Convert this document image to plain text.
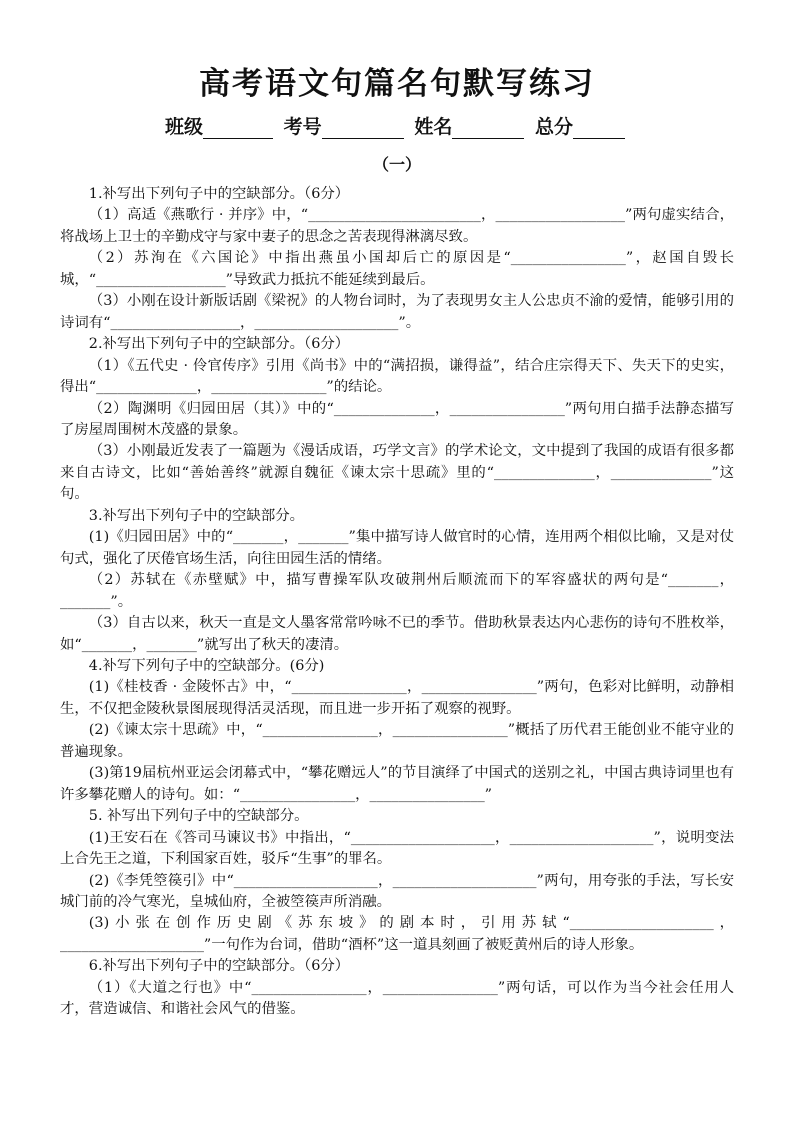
高考语文句篇名句默写练习
班级	考号	姓名	总分
（一）

1.补写出下列句子中的空缺部分。（6分）

（1）高适《燕歌行 · 并序》中，“________________________，__________________”两句虚实结合，将战场上卫士的辛勤戍守与家中妻子的思念之苦表现得淋漓尽致。

（2）苏洵在《六国论》中指出燕虽小国却后亡的原因是“________________”，赵国自毁长城，“__________________”导致武力抵抗不能延续到最后。

（3）小刚在设计新版话剧《梁祝》的人物台词时，为了表现男女主人公忠贞不渝的爱情，能够引用的诗词有“__________________，____________________”。

2.补写出下列句子中的空缺部分。（6分）

（1）《五代史 · 伶官传序》引用《尚书》中的“满招损，谦得益”，结合庄宗得天下、失天下的史实，得出“______________，________________”的结论。

（2）陶渊明《归园田居（其）》中的“______________，________________”两句用白描手法静态描写了房屋周围树木茂盛的景象。

（3）小刚最近发表了一篇题为《漫话成语，巧学文言》的学术论文，文中提到了我国的成语有很多都来自古诗文，比如“善始善终”就源自魏征《谏太宗十思疏》里的“______________，______________”这句。

3.补写出下列句子中的空缺部分。

(1)《归园田居》中的“_______，_______”集中描写诗人做官时的心情，连用两个相似比喻，又是对仗句式，强化了厌倦官场生活，向往田园生活的情绪。

（2）苏轼在《赤壁赋》中，描写曹操军队攻破荆州后顺流而下的军容盛状的两句是“_______，_______”。

（3）自古以来，秋天一直是文人墨客常常吟咏不已的季节。借助秋景表达内心悲伤的诗句不胜枚举，如“_______，_______”就写出了秋天的凄清。

4.补写下列句子中的空缺部分。(6分)

(1)《桂枝香 · 金陵怀古》中，“________________，________________”两句，色彩对比鲜明，动静相生，不仅把金陵秋景图展现得活灵活现，而且进一步开拓了观察的视野。

(2)《谏太宗十思疏》中，“________________，________________”概括了历代君王能创业不能守业的普遍现象。

(3)第19届杭州亚运会闭幕式中，“攀花赠远人”的节目演绎了中国式的送别之礼，中国古典诗词里也有许多攀花赠人的诗句。如：“________________，________________”

5. 补写出下列句子中的空缺部分。

(1)王安石在《答司马谏议书》中指出，“____________________，____________________”，说明变法上合先王之道，下利国家百姓，驳斥“生事”的罪名。

(2)《李凭箜篌引》中“____________________，____________________”两句，用夸张的手法，写长安城门前的冷气寒光，皇城仙府，全被箜篌声所消融。

(3)小张在创作历史剧《苏东坡》的剧本时，引用苏轼“____________________，____________________”一句作为台词，借助“酒杯”这一道具刻画了被贬黄州后的诗人形象。

6.补写出下列句子中的空缺部分。（6分）

（1）《大道之行也》中“________________，________________”两句话，可以作为当今社会任用人才，营造诚信、和谐社会风气的借鉴。
